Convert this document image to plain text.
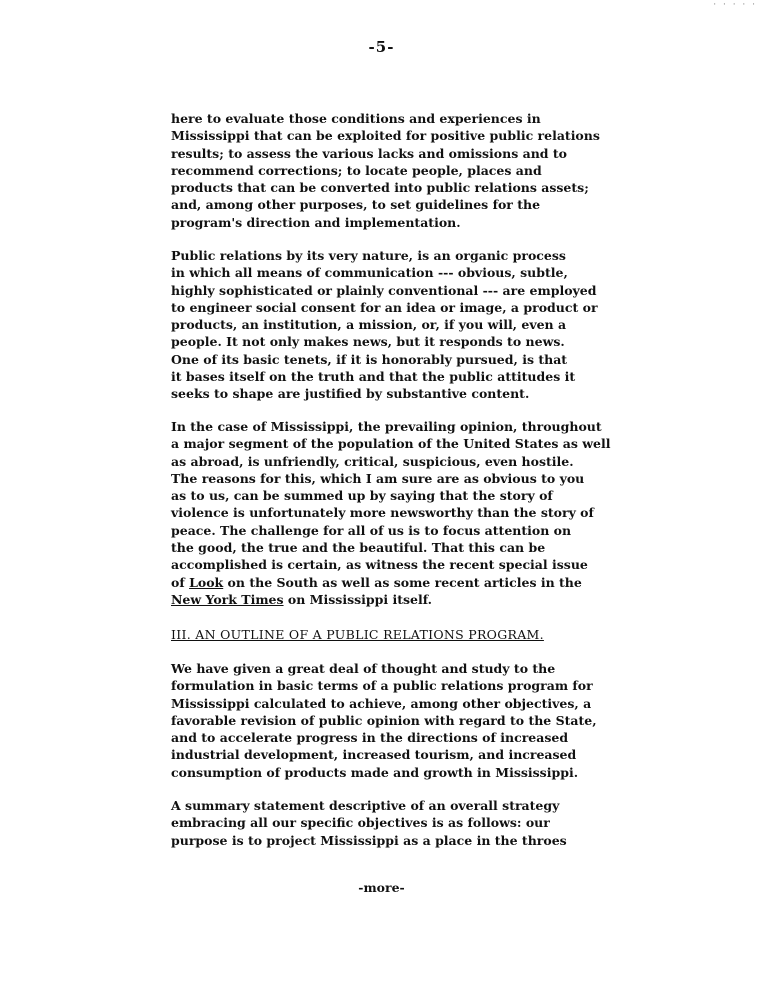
· · · · ·
-5-
here to evaluate those conditions and experiences in
Mississippi that can be exploited for positive public relations
results; to assess the various lacks and omissions and to
recommend corrections; to locate people, places and
products that can be converted into public relations assets;
and, among other purposes, to set guidelines for the
program's direction and implementation.
Public relations by its very nature, is an organic process
in which all means of communication --- obvious, subtle,
highly sophisticated or plainly conventional --- are employed
to engineer social consent for an idea or image, a product or
products, an institution, a mission, or, if you will, even a
people. It not only makes news, but it responds to news.
One of its basic tenets, if it is honorably pursued, is that
it bases itself on the truth and that the public attitudes it
seeks to shape are justified by substantive content.
In the case of Mississippi, the prevailing opinion, throughout
a major segment of the population of the United States as well
as abroad, is unfriendly, critical, suspicious, even hostile.
The reasons for this, which I am sure are as obvious to you
as to us, can be summed up by saying that the story of
violence is unfortunately more newsworthy than the story of
peace. The challenge for all of us is to focus attention on
the good, the true and the beautiful. That this can be
accomplished is certain, as witness the recent special issue
of Look on the South as well as some recent articles in the
New York Times on Mississippi itself.
III. AN OUTLINE OF A PUBLIC RELATIONS PROGRAM.
We have given a great deal of thought and study to the
formulation in basic terms of a public relations program for
Mississippi calculated to achieve, among other objectives, a
favorable revision of public opinion with regard to the State,
and to accelerate progress in the directions of increased
industrial development, increased tourism, and increased
consumption of products made and growth in Mississippi.
A summary statement descriptive of an overall strategy
embracing all our specific objectives is as follows: our
purpose is to project Mississippi as a place in the throes
-more-
